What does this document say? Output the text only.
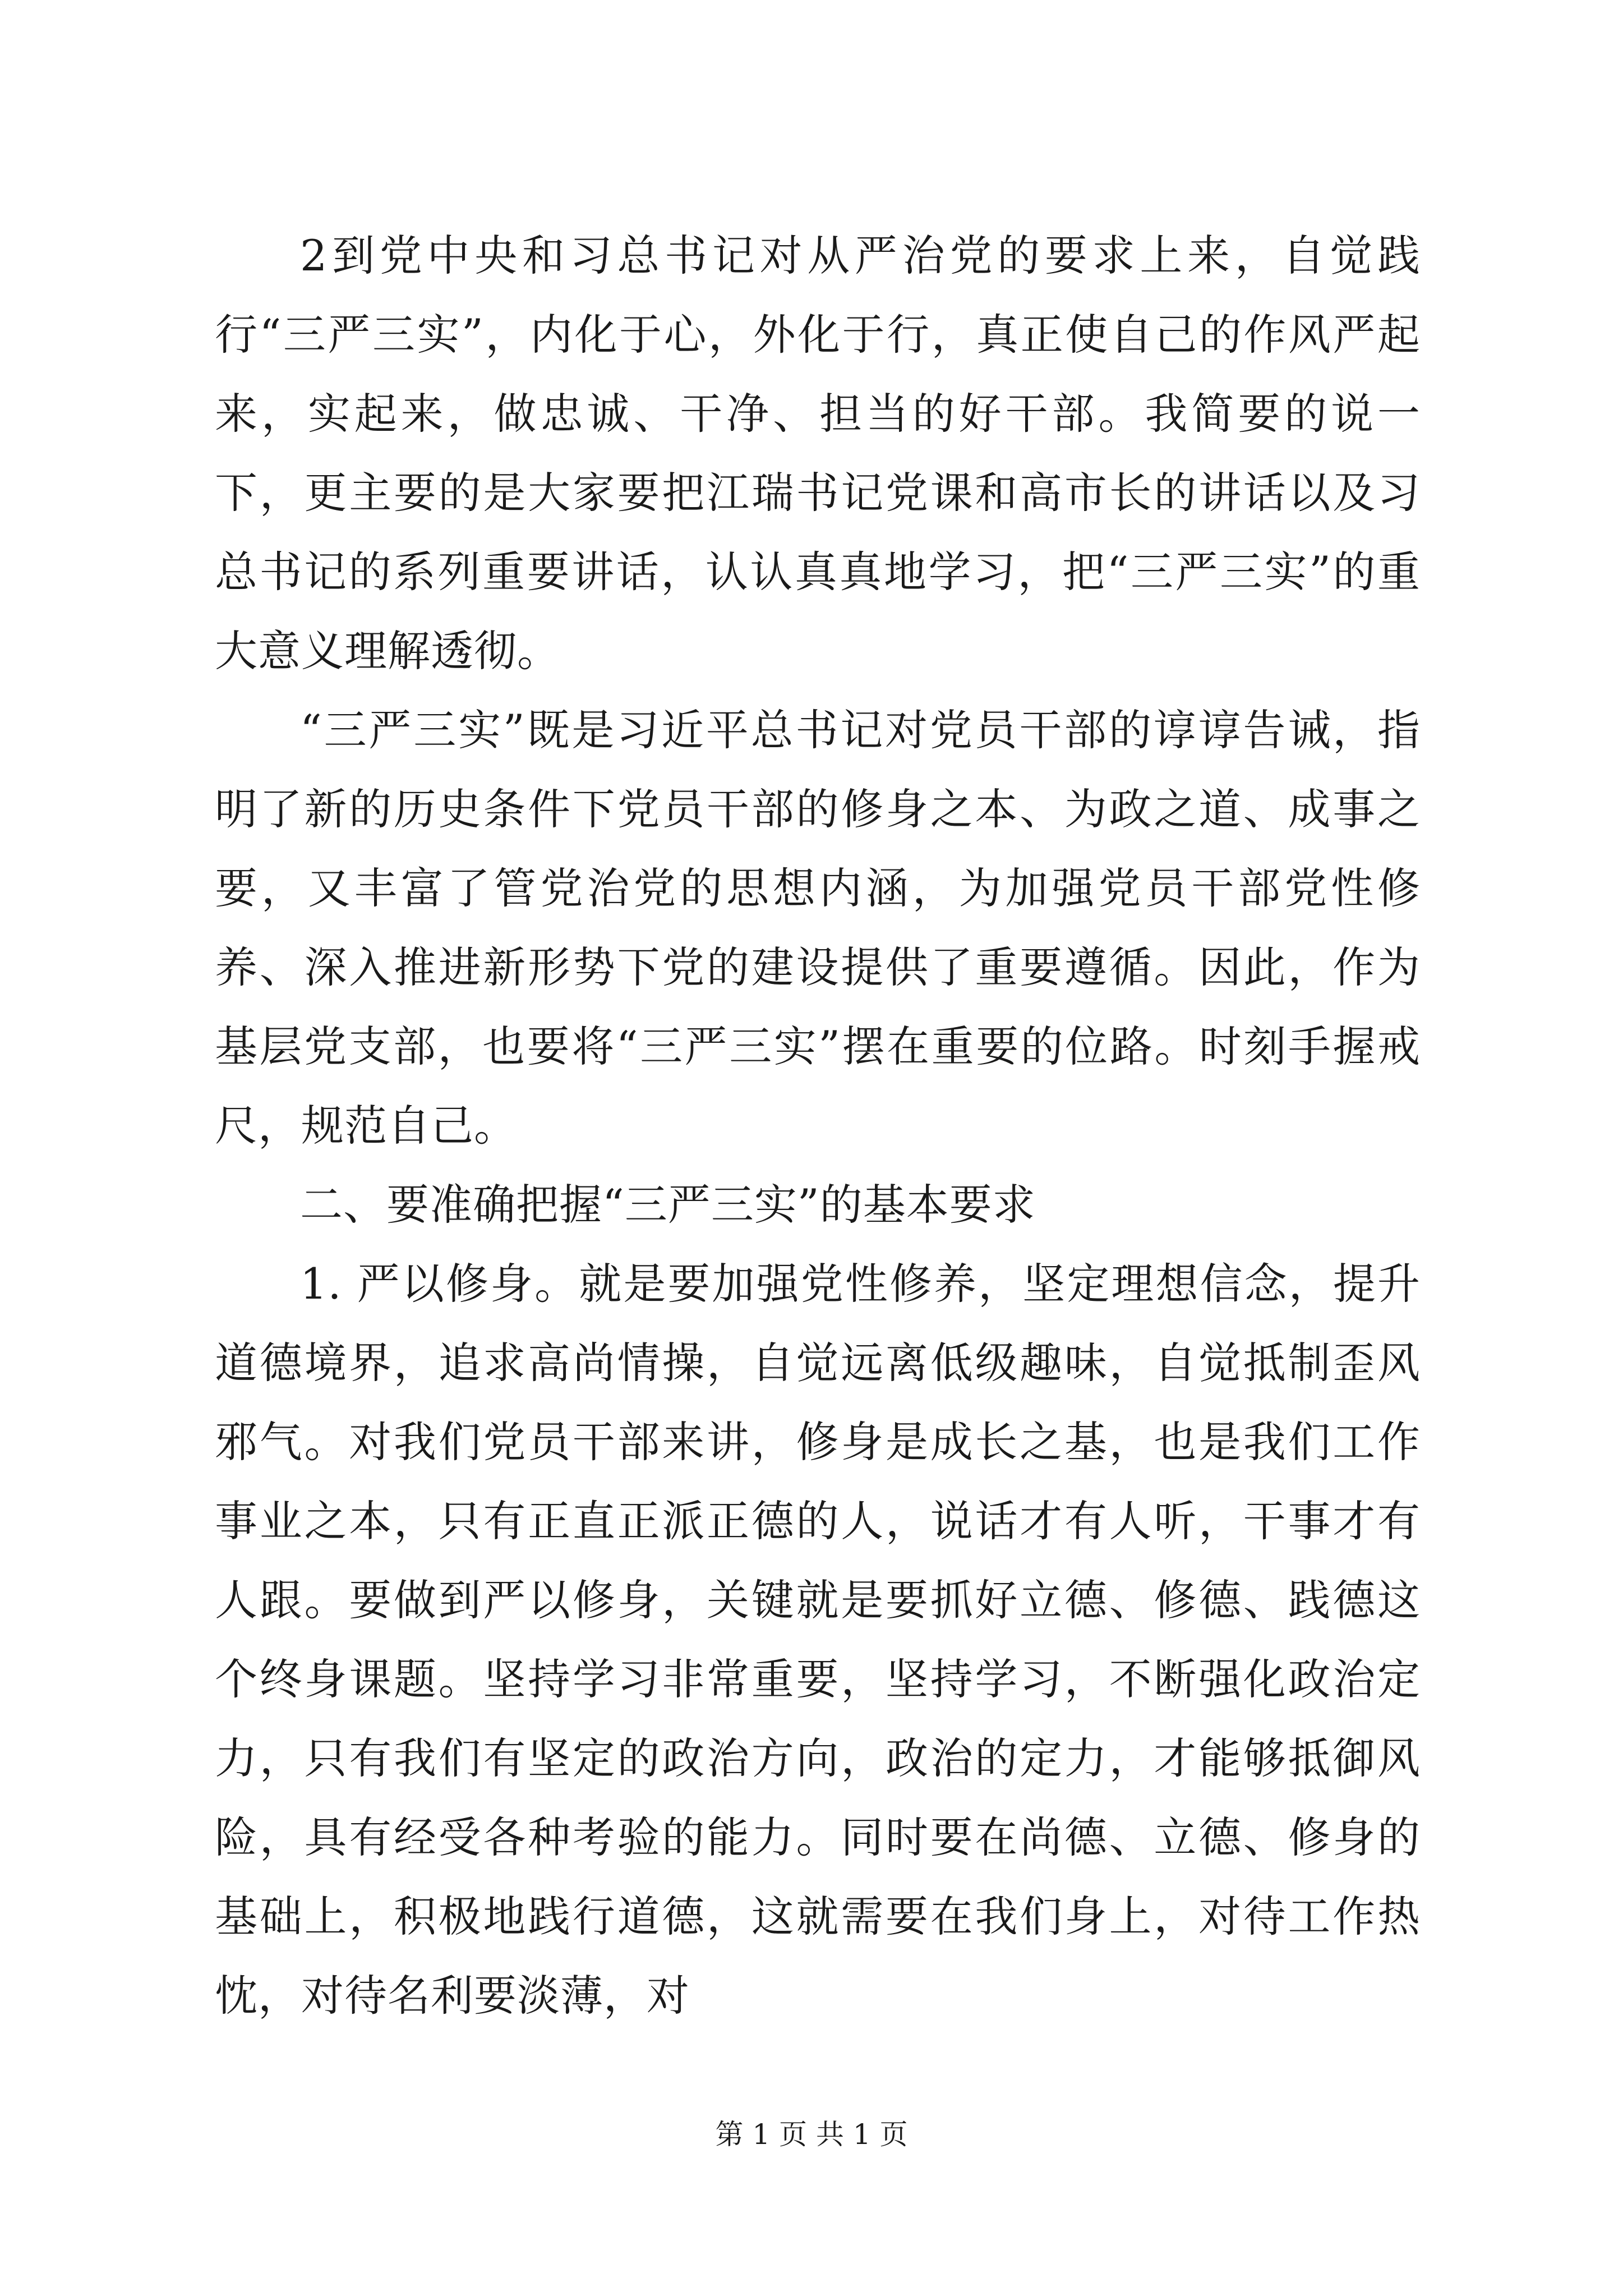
2到党中央和习总书记对从严治党的要求上来，自觉践行“三严三实”，内化于心，外化于行，真正使自己的作风严起来，实起来，做忠诚、干净、担当的好干部。我简要的说一下，更主要的是大家要把江瑞书记党课和高市长的讲话以及习总书记的系列重要讲话，认认真真地学习，把“三严三实”的重大意义理解透彻。

“三严三实”既是习近平总书记对党员干部的谆谆告诫，指明了新的历史条件下党员干部的修身之本、为政之道、成事之要，又丰富了管党治党的思想内涵，为加强党员干部党性修养、深入推进新形势下党的建设提供了重要遵循。因此，作为基层党支部，也要将“三严三实”摆在重要的位路。时刻手握戒尺，规范自己。

二、要准确把握“三严三实”的基本要求

1. 严以修身。就是要加强党性修养，坚定理想信念，提升道德境界，追求高尚情操，自觉远离低级趣味，自觉抵制歪风邪气。对我们党员干部来讲，修身是成长之基，也是我们工作事业之本，只有正直正派正德的人，说话才有人听，干事才有人跟。要做到严以修身，关键就是要抓好立德、修德、践德这个终身课题。坚持学习非常重要，坚持学习，不断强化政治定力，只有我们有坚定的政治方向，政治的定力，才能够抵御风险，具有经受各种考验的能力。同时要在尚德、立德、修身的基础上，积极地践行道德，这就需要在我们身上，对待工作热忱，对待名利要淡薄，对

第 1 页 共 1 页
